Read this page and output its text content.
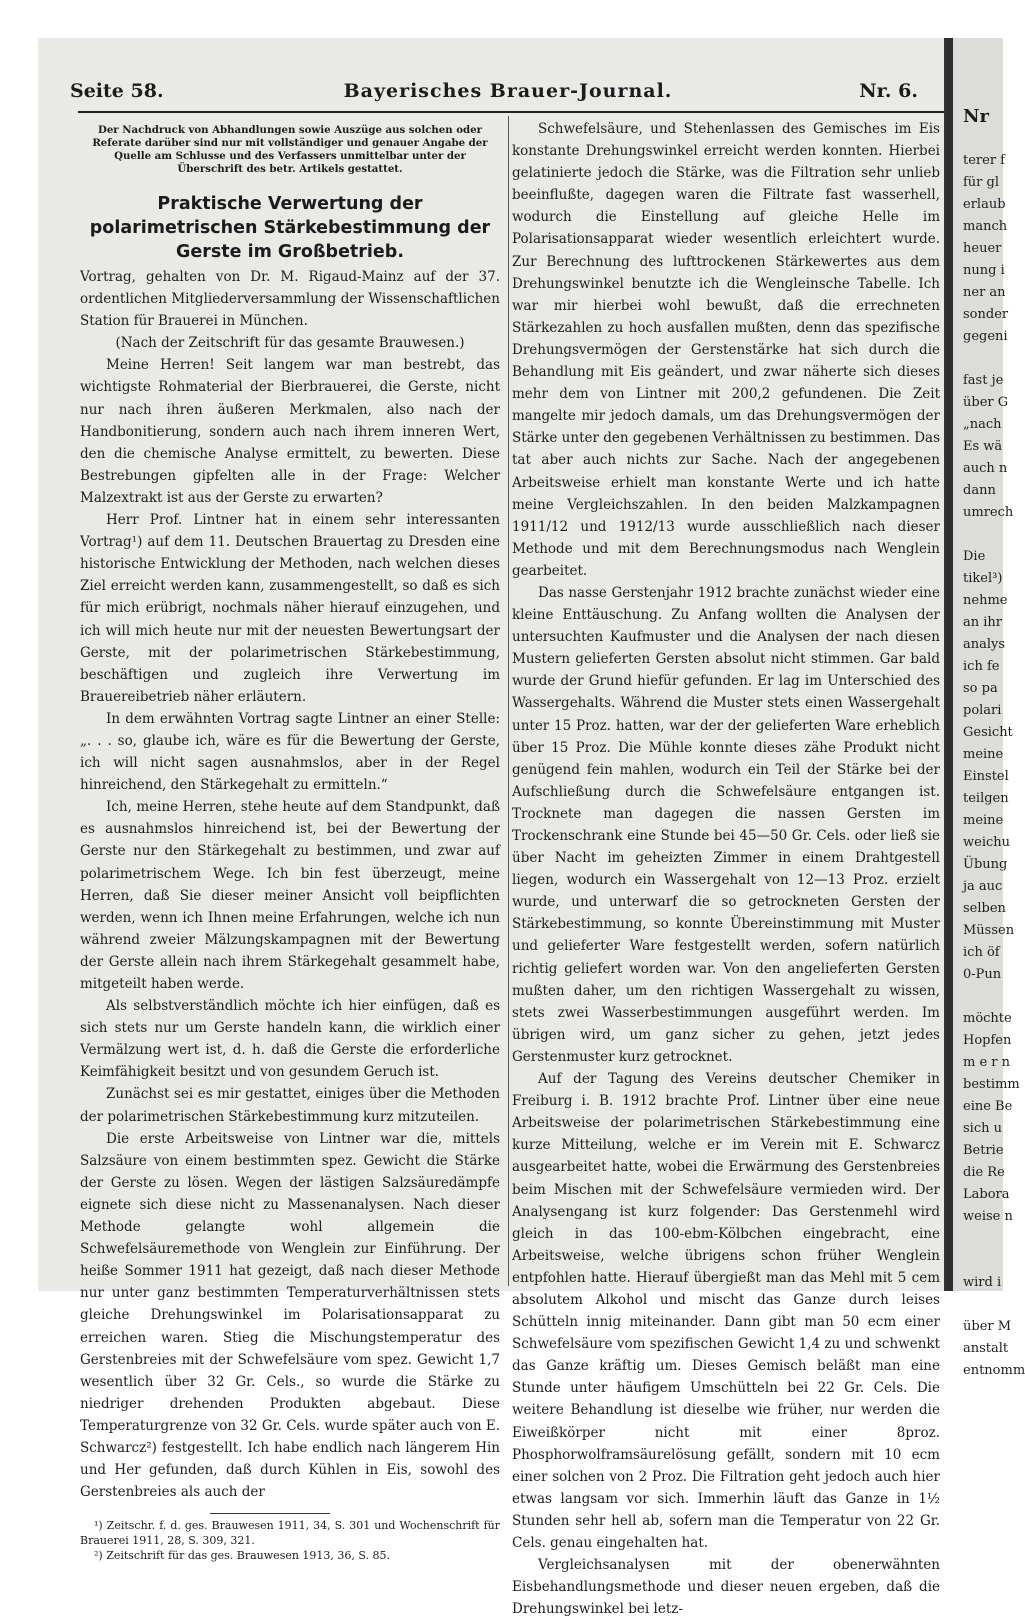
Seite 58.	Bayerisches Brauer-Journal.	Nr. 6.
Der Nachdruck von Abhandlungen sowie Auszüge aus solchen oder Referate darüber sind nur mit vollständiger und genauer Angabe der Quelle am Schlusse und des Verfassers unmittelbar unter der Überschrift des betr. Artikels gestattet.
Praktische Verwertung der polarimetrischen Stärkebestimmung der Gerste im Großbetrieb.

Vortrag, gehalten von Dr. M. Rigaud-Mainz auf der 37. ordentlichen Mitgliederversammlung der Wissenschaftlichen Station für Brauerei in München.

(Nach der Zeitschrift für das gesamte Brauwesen.)

Meine Herren! Seit langem war man bestrebt, das wichtigste Rohmaterial der Bierbrauerei, die Gerste, nicht nur nach ihren äußeren Merkmalen, also nach der Handbonitierung, sondern auch nach ihrem inneren Wert, den die chemische Analyse ermittelt, zu bewerten. Diese Bestrebungen gipfelten alle in der Frage: Welcher Malzextrakt ist aus der Gerste zu erwarten?

Herr Prof. Lintner hat in einem sehr interessanten Vortrag¹) auf dem 11. Deutschen Brauertag zu Dresden eine historische Entwicklung der Methoden, nach welchen dieses Ziel erreicht werden kann, zusammengestellt, so daß es sich für mich erübrigt, nochmals näher hierauf einzugehen, und ich will mich heute nur mit der neuesten Bewertungsart der Gerste, mit der polarimetrischen Stärkebestimmung, beschäftigen und zugleich ihre Verwertung im Brauereibetrieb näher erläutern.

In dem erwähnten Vortrag sagte Lintner an einer Stelle: „. . . so, glaube ich, wäre es für die Bewertung der Gerste, ich will nicht sagen ausnahmslos, aber in der Regel hinreichend, den Stärkegehalt zu ermitteln.“

Ich, meine Herren, stehe heute auf dem Standpunkt, daß es ausnahmslos hinreichend ist, bei der Bewertung der Gerste nur den Stärkegehalt zu bestimmen, und zwar auf polarimetrischem Wege. Ich bin fest überzeugt, meine Herren, daß Sie dieser meiner Ansicht voll beipflichten werden, wenn ich Ihnen meine Erfahrungen, welche ich nun während zweier Mälzungskampagnen mit der Bewertung der Gerste allein nach ihrem Stärkegehalt gesammelt habe, mitgeteilt haben werde.

Als selbstverständlich möchte ich hier einfügen, daß es sich stets nur um Gerste handeln kann, die wirklich einer Vermälzung wert ist, d. h. daß die Gerste die erforderliche Keimfähigkeit besitzt und von gesundem Geruch ist.

Zunächst sei es mir gestattet, einiges über die Methoden der polarimetrischen Stärkebestimmung kurz mitzuteilen.

Die erste Arbeitsweise von Lintner war die, mittels Salzsäure von einem bestimmten spez. Gewicht die Stärke der Gerste zu lösen. Wegen der lästigen Salzsäuredämpfe eignete sich diese nicht zu Massenanalysen. Nach dieser Methode gelangte wohl allgemein die Schwefelsäuremethode von Wenglein zur Einführung. Der heiße Sommer 1911 hat gezeigt, daß nach dieser Methode nur unter ganz bestimmten Temperaturverhältnissen stets gleiche Drehungswinkel im Polarisationsapparat zu erreichen waren. Stieg die Mischungstemperatur des Gerstenbreies mit der Schwefelsäure vom spez. Gewicht 1,7 wesentlich über 32 Gr. Cels., so wurde die Stärke zu niedriger drehenden Produkten abgebaut. Diese Temperaturgrenze von 32 Gr. Cels. wurde später auch von E. Schwarcz²) festgestellt. Ich habe endlich nach längerem Hin und Her gefunden, daß durch Kühlen in Eis, sowohl des Gerstenbreies als auch der

¹) Zeitschr. f. d. ges. Brauwesen 1911, 34, S. 301 und Wochenschrift für Brauerei 1911, 28, S. 309, 321.

²) Zeitschrift für das ges. Brauwesen 1913, 36, S. 85.

Schwefelsäure, und Stehenlassen des Gemisches im Eis konstante Drehungswinkel erreicht werden konnten. Hierbei gelatinierte jedoch die Stärke, was die Filtration sehr unlieb beeinflußte, dagegen waren die Filtrate fast wasserhell, wodurch die Einstellung auf gleiche Helle im Polarisationsapparat wieder wesentlich erleichtert wurde. Zur Berechnung des lufttrockenen Stärkewertes aus dem Drehungswinkel benutzte ich die Wengleinsche Tabelle. Ich war mir hierbei wohl bewußt, daß die errechneten Stärkezahlen zu hoch ausfallen mußten, denn das spezifische Drehungsvermögen der Gerstenstärke hat sich durch die Behandlung mit Eis geändert, und zwar näherte sich dieses mehr dem von Lintner mit 200,2 gefundenen. Die Zeit mangelte mir jedoch damals, um das Drehungsvermögen der Stärke unter den gegebenen Verhältnissen zu bestimmen. Das tat aber auch nichts zur Sache. Nach der angegebenen Arbeitsweise erhielt man konstante Werte und ich hatte meine Vergleichszahlen. In den beiden Malzkampagnen 1911/12 und 1912/13 wurde ausschließlich nach dieser Methode und mit dem Berechnungsmodus nach Wenglein gearbeitet.

Das nasse Gerstenjahr 1912 brachte zunächst wieder eine kleine Enttäuschung. Zu Anfang wollten die Analysen der untersuchten Kaufmuster und die Analysen der nach diesen Mustern gelieferten Gersten absolut nicht stimmen. Gar bald wurde der Grund hiefür gefunden. Er lag im Unterschied des Wassergehalts. Während die Muster stets einen Wassergehalt unter 15 Proz. hatten, war der der gelieferten Ware erheblich über 15 Proz. Die Mühle konnte dieses zähe Produkt nicht genügend fein mahlen, wodurch ein Teil der Stärke bei der Aufschließung durch die Schwefelsäure entgangen ist. Trocknete man dagegen die nassen Gersten im Trockenschrank eine Stunde bei 45—50 Gr. Cels. oder ließ sie über Nacht im geheizten Zimmer in einem Drahtgestell liegen, wodurch ein Wassergehalt von 12—13 Proz. erzielt wurde, und unterwarf die so getrockneten Gersten der Stärkebestimmung, so konnte Übereinstimmung mit Muster und gelieferter Ware festgestellt werden, sofern natürlich richtig geliefert worden war. Von den angelieferten Gersten mußten daher, um den richtigen Wassergehalt zu wissen, stets zwei Wasserbestimmungen ausgeführt werden. Im übrigen wird, um ganz sicher zu gehen, jetzt jedes Gerstenmuster kurz getrocknet.

Auf der Tagung des Vereins deutscher Chemiker in Freiburg i. B. 1912 brachte Prof. Lintner über eine neue Arbeitsweise der polarimetrischen Stärkebestimmung eine kurze Mitteilung, welche er im Verein mit E. Schwarcz ausgearbeitet hatte, wobei die Erwärmung des Gerstenbreies beim Mischen mit der Schwefelsäure vermieden wird. Der Analysengang ist kurz folgender: Das Gerstenmehl wird gleich in das 100-ebm-Kölbchen eingebracht, eine Arbeitsweise, welche übrigens schon früher Wenglein entpfohlen hatte. Hierauf übergießt man das Mehl mit 5 cem absolutem Alkohol und mischt das Ganze durch leises Schütteln innig miteinander. Dann gibt man 50 ecm einer Schwefelsäure vom spezifischen Gewicht 1,4 zu und schwenkt das Ganze kräftig um. Dieses Gemisch beläßt man eine Stunde unter häufigem Umschütteln bei 22 Gr. Cels. Die weitere Behandlung ist dieselbe wie früher, nur werden die Eiweißkörper nicht mit einer 8proz. Phosphorwolframsäurelösung gefällt, sondern mit 10 ecm einer solchen von 2 Proz. Die Filtration geht jedoch auch hier etwas langsam vor sich. Immerhin läuft das Ganze in 1½ Stunden sehr hell ab, sofern man die Temperatur von 22 Gr. Cels. genau eingehalten hat.

Vergleichsanalysen mit der obenerwähnten Eisbehandlungsmethode und dieser neuen ergeben, daß die Drehungswinkel bei letz-

Nr
terer f
für gl
erlaub
manch
heuer
nung i
ner an
sonder
gegeni

fast je
über G
„nach
Es wä
auch n
dann
umrech

Die
tikel³)
nehme
an ihr
analys
ich fe
so pa
polari
Gesicht
meine
Einstel
teilgen
meine
weichu
Übung
ja auc
selben
Müssen
ich öf
0-Pun

möchte
Hopfen
m e r n
bestimm
eine Be
sich u
Betrie
die Re
Labora
weise n

wird i

über M
anstalt
entnomm
